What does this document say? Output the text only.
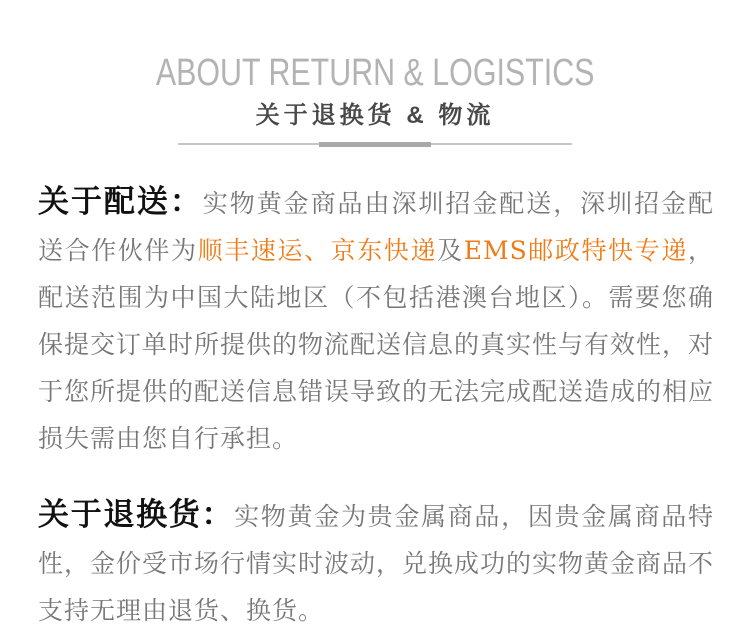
ABOUT RETURN & LOGISTICS
关于退换货 & 物流

关于配送：实物黄金商品由深圳招金配送，深圳招金配送合作伙伴为顺丰速运、京东快递及EMS邮政特快专递，配送范围为中国大陆地区（不包括港澳台地区）。需要您确保提交订单时所提供的物流配送信息的真实性与有效性，对于您所提供的配送信息错误导致的无法完成配送造成的相应损失需由您自行承担。

关于退换货：实物黄金为贵金属商品，因贵金属商品特性，金价受市场行情实时波动，兑换成功的实物黄金商品不支持无理由退货、换货。
